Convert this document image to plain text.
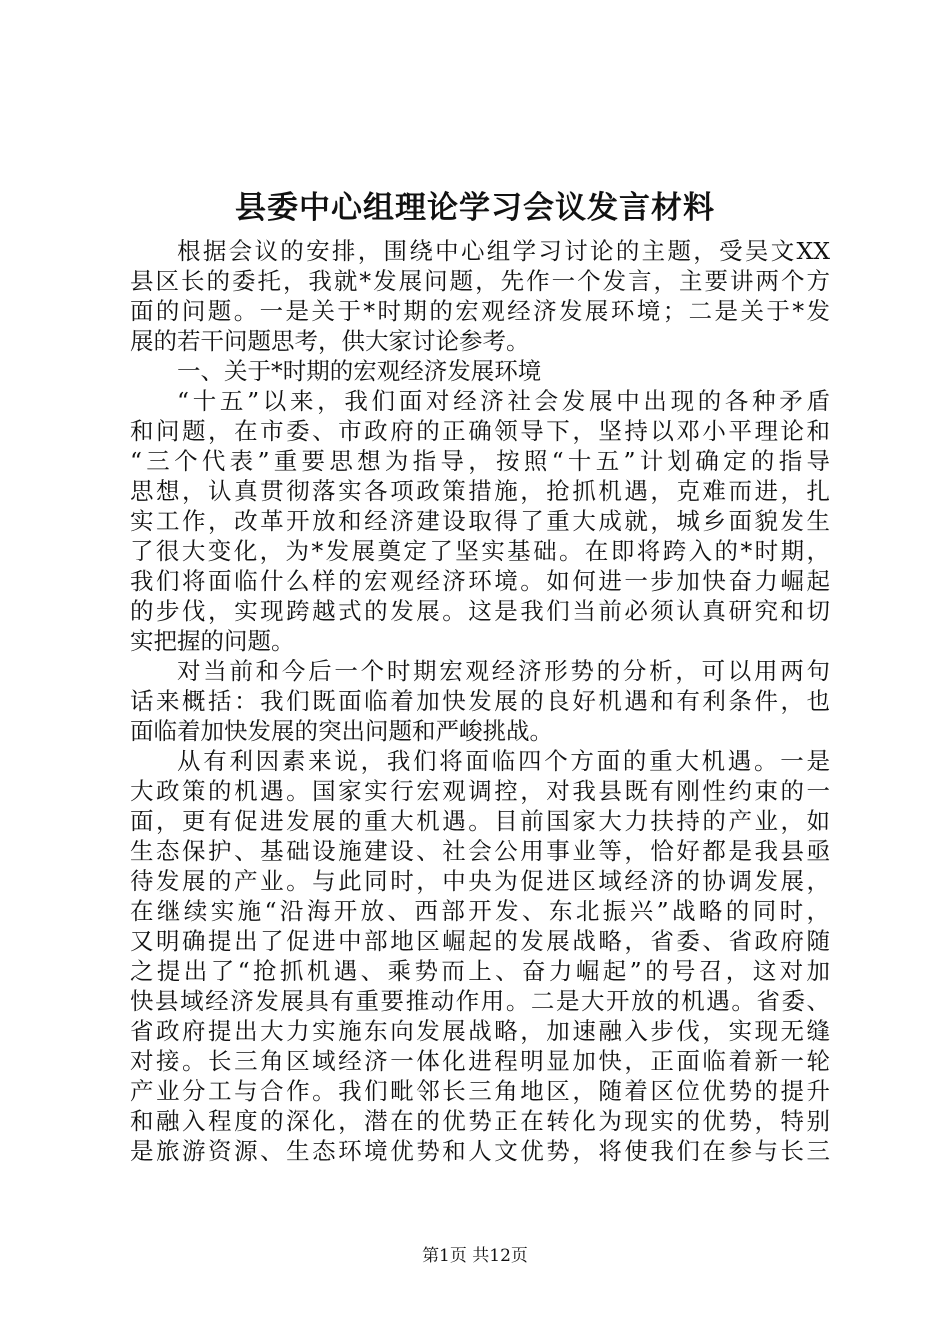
县委中心组理论学习会议发言材料
根据会议的安排，围绕中心组学习讨论的主题，受吴文XX
县区长的委托，我就*发展问题，先作一个发言，主要讲两个方
面的问题。一是关于*时期的宏观经济发展环境；二是关于*发
展的若干问题思考，供大家讨论参考。
一、关于*时期的宏观经济发展环境
“十五”以来，我们面对经济社会发展中出现的各种矛盾
和问题，在市委、市政府的正确领导下，坚持以邓小平理论和
“三个代表”重要思想为指导，按照“十五”计划确定的指导
思想，认真贯彻落实各项政策措施，抢抓机遇，克难而进，扎
实工作，改革开放和经济建设取得了重大成就，城乡面貌发生
了很大变化，为*发展奠定了坚实基础。在即将跨入的*时期，
我们将面临什么样的宏观经济环境。如何进一步加快奋力崛起
的步伐，实现跨越式的发展。这是我们当前必须认真研究和切
实把握的问题。
对当前和今后一个时期宏观经济形势的分析，可以用两句
话来概括：我们既面临着加快发展的良好机遇和有利条件，也
面临着加快发展的突出问题和严峻挑战。
从有利因素来说，我们将面临四个方面的重大机遇。一是
大政策的机遇。国家实行宏观调控，对我县既有刚性约束的一
面，更有促进发展的重大机遇。目前国家大力扶持的产业，如
生态保护、基础设施建设、社会公用事业等，恰好都是我县亟
待发展的产业。与此同时，中央为促进区域经济的协调发展，
在继续实施“沿海开放、西部开发、东北振兴”战略的同时，
又明确提出了促进中部地区崛起的发展战略，省委、省政府随
之提出了“抢抓机遇、乘势而上、奋力崛起”的号召，这对加
快县域经济发展具有重要推动作用。二是大开放的机遇。省委、
省政府提出大力实施东向发展战略，加速融入步伐，实现无缝
对接。长三角区域经济一体化进程明显加快，正面临着新一轮
产业分工与合作。我们毗邻长三角地区，随着区位优势的提升
和融入程度的深化，潜在的优势正在转化为现实的优势，特别
是旅游资源、生态环境优势和人文优势，将使我们在参与长三
第1页 共12页
